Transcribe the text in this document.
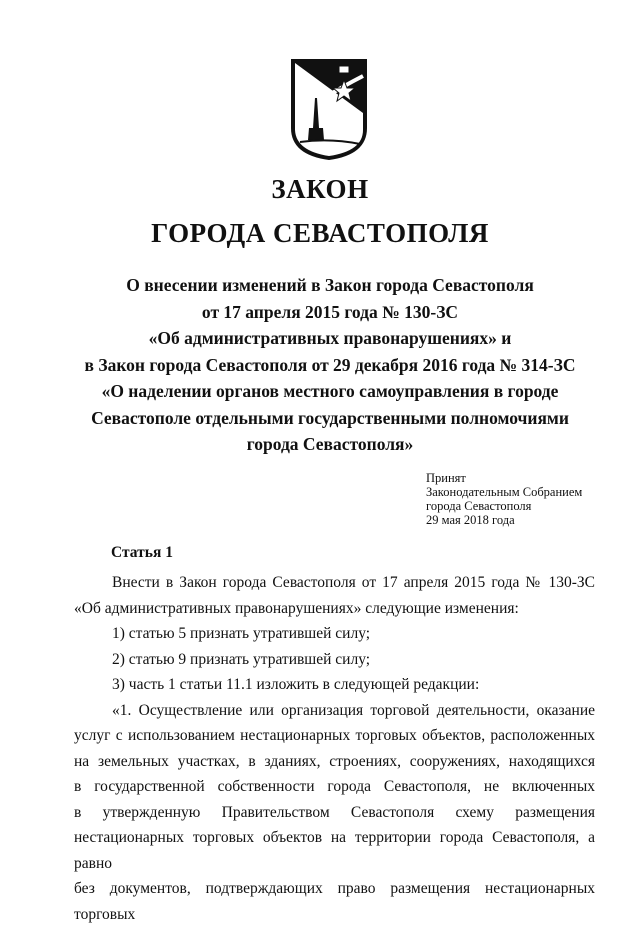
ЗАКОН
ГОРОДА СЕВАСТОПОЛЯ
О внесении изменений в Закон города Севастополя
от 17 апреля 2015 года № 130-ЗС
«Об административных правонарушениях» и
в Закон города Севастополя от 29 декабря 2016 года № 314-ЗС
«О наделении органов местного самоуправления в городе
Севастополе отдельными государственными полномочиями
города Севастополя»
Принят
Законодательным Собранием
города Севастополя
29 мая 2018 года
Статья 1
Внести в Закон города Севастополя от 17 апреля 2015 года № 130-ЗС
«Об административных правонарушениях» следующие изменения:
1) статью 5 признать утратившей силу;
2) статью 9 признать утратившей силу;
3) часть 1 статьи 11.1 изложить в следующей редакции:
«1. Осуществление или организация торговой деятельности, оказание
услуг с использованием нестационарных торговых объектов, расположенных
на земельных участках, в зданиях, строениях, сооружениях, находящихся
в государственной собственности города Севастополя, не включенных
в утвержденную Правительством Севастополя схему размещения
нестационарных торговых объектов на территории города Севастополя, а равно
без документов, подтверждающих право размещения нестационарных торговых
